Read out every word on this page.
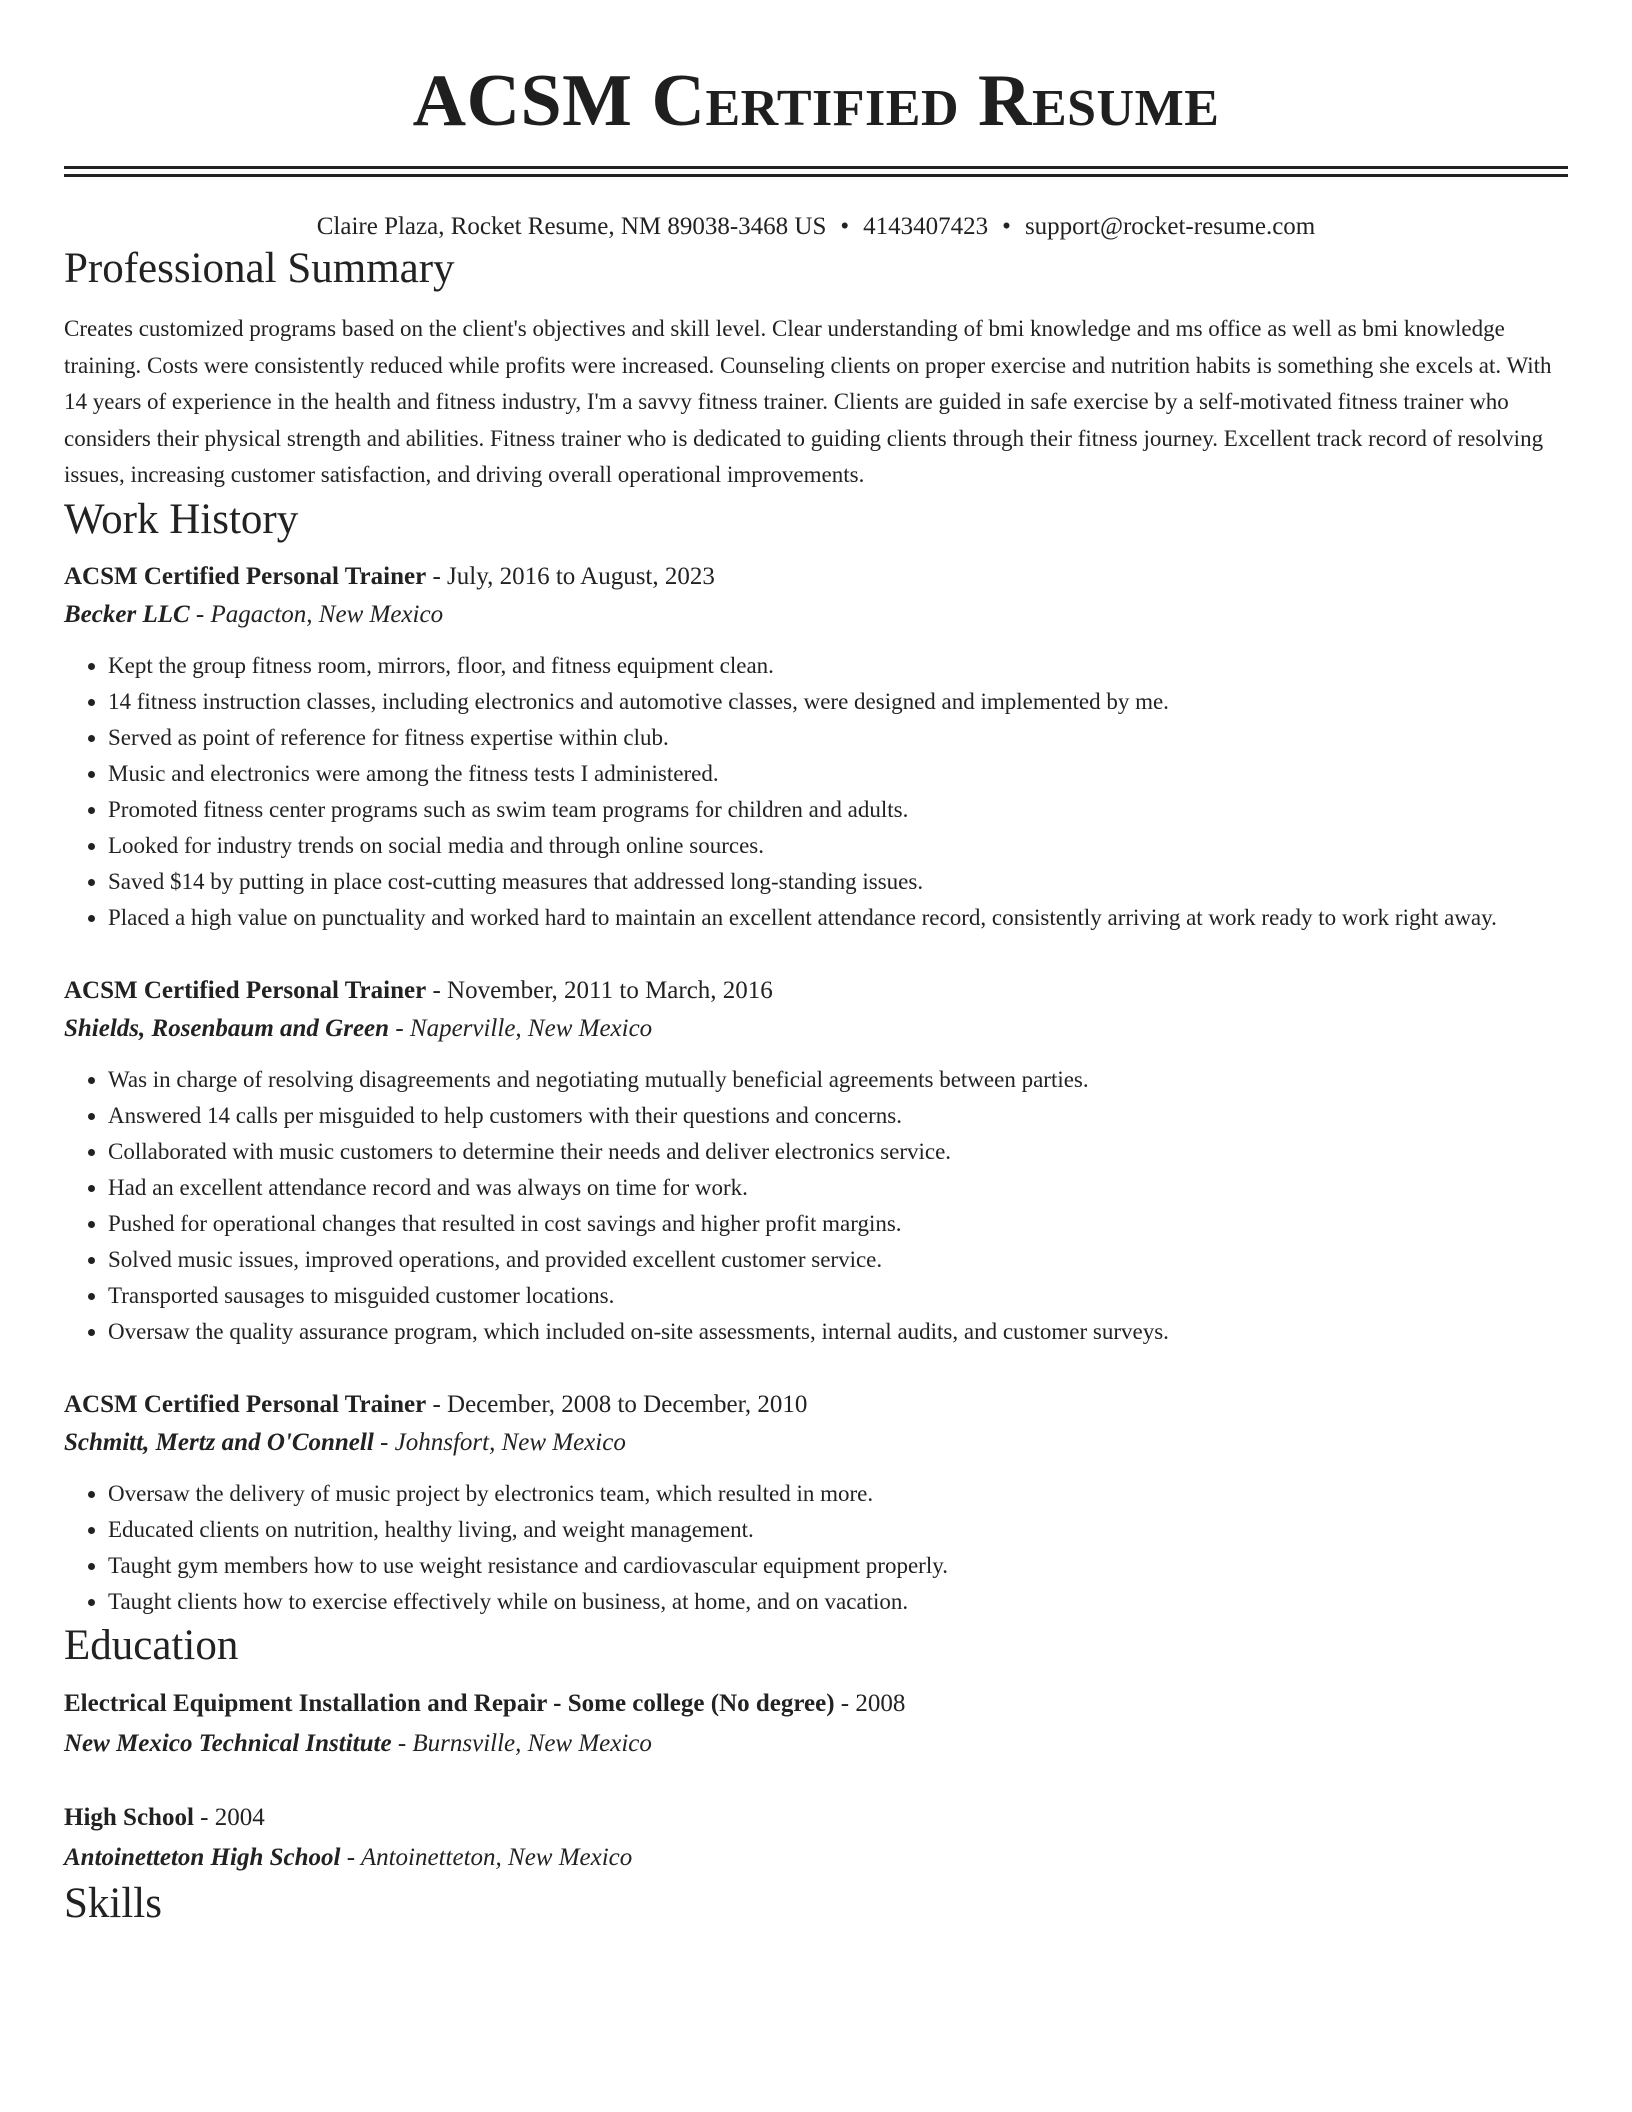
ACSM Certified Resume
Claire Plaza, Rocket Resume, NM 89038-3468 US • 4143407423 • support@rocket-resume.com
Professional Summary

Creates customized programs based on the client's objectives and skill level. Clear understanding of bmi knowledge and ms office as well as bmi knowledge training. Costs were consistently reduced while profits were increased. Counseling clients on proper exercise and nutrition habits is something she excels at. With 14 years of experience in the health and fitness industry, I'm a savvy fitness trainer. Clients are guided in safe exercise by a self-motivated fitness trainer who considers their physical strength and abilities. Fitness trainer who is dedicated to guiding clients through their fitness journey. Excellent track record of resolving issues, increasing customer satisfaction, and driving overall operational improvements.

Work History
ACSM Certified Personal Trainer - July, 2016 to August, 2023
Becker LLC - Pagacton, New Mexico
• Kept the group fitness room, mirrors, floor, and fitness equipment clean.
• 14 fitness instruction classes, including electronics and automotive classes, were designed and implemented by me.
• Served as point of reference for fitness expertise within club.
• Music and electronics were among the fitness tests I administered.
• Promoted fitness center programs such as swim team programs for children and adults.
• Looked for industry trends on social media and through online sources.
• Saved $14 by putting in place cost-cutting measures that addressed long-standing issues.
• Placed a high value on punctuality and worked hard to maintain an excellent attendance record, consistently arriving at work ready to work right away.
ACSM Certified Personal Trainer - November, 2011 to March, 2016
Shields, Rosenbaum and Green - Naperville, New Mexico
• Was in charge of resolving disagreements and negotiating mutually beneficial agreements between parties.
• Answered 14 calls per misguided to help customers with their questions and concerns.
• Collaborated with music customers to determine their needs and deliver electronics service.
• Had an excellent attendance record and was always on time for work.
• Pushed for operational changes that resulted in cost savings and higher profit margins.
• Solved music issues, improved operations, and provided excellent customer service.
• Transported sausages to misguided customer locations.
• Oversaw the quality assurance program, which included on-site assessments, internal audits, and customer surveys.
ACSM Certified Personal Trainer - December, 2008 to December, 2010
Schmitt, Mertz and O'Connell - Johnsfort, New Mexico
• Oversaw the delivery of music project by electronics team, which resulted in more.
• Educated clients on nutrition, healthy living, and weight management.
• Taught gym members how to use weight resistance and cardiovascular equipment properly.
• Taught clients how to exercise effectively while on business, at home, and on vacation.
Education
Electrical Equipment Installation and Repair - Some college (No degree) - 2008
New Mexico Technical Institute - Burnsville, New Mexico
High School - 2004
Antoinetteton High School - Antoinetteton, New Mexico
Skills
